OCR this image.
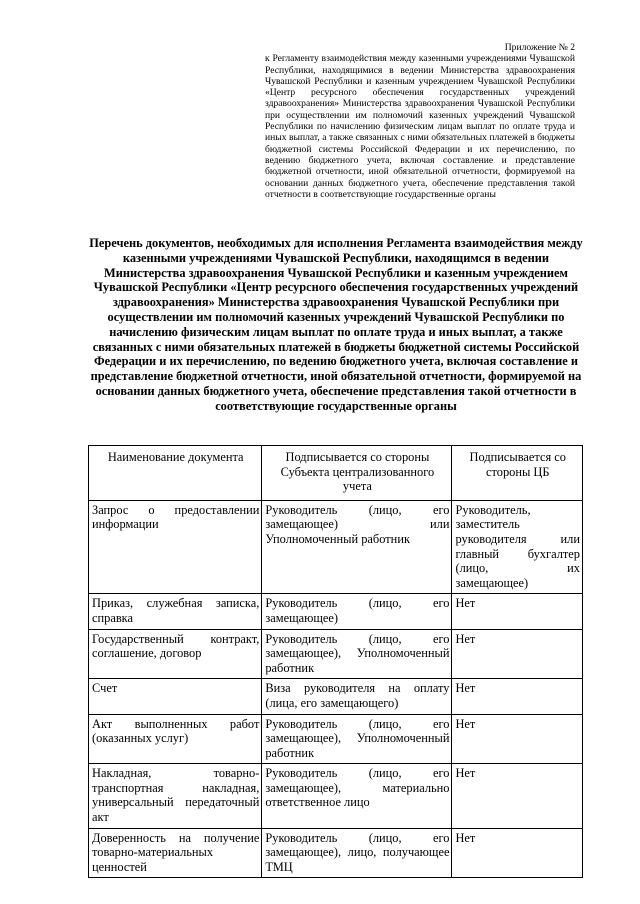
Приложение № 2
к Регламенту взаимодействия между казенными учреждениями Чувашской Республики, находящимися в ведении Министерства здравоохранения Чувашской Республики и казенным учреждением Чувашской Республики «Центр ресурсного обеспечения государственных учреждений здравоохранения» Министерства здравоохранения Чувашской Республики при осуществлении им полномочий казенных учреждений Чувашской Республики по начислению физическим лицам выплат по оплате труда и иных выплат, а также связанных с ними обязательных платежей в бюджеты бюджетной системы Российской Федерации и их перечислению, по ведению бюджетного учета, включая составление и представление бюджетной отчетности, иной обязательной отчетности, формируемой на основании данных бюджетного учета, обеспечение представления такой отчетности в соответствующие государственные органы
Перечень документов, необходимых для исполнения Регламента взаимодействия между казенными учреждениями Чувашской Республики, находящимся в ведении Министерства здравоохранения Чувашской Республики и казенным учреждением Чувашской Республики «Центр ресурсного обеспечения государственных учреждений здравоохранения» Министерства здравоохранения Чувашской Республики при осуществлении им полномочий казенных учреждений Чувашской Республики по начислению физическим лицам выплат по оплате труда и иных выплат, а также связанных с ними обязательных платежей в бюджеты бюджетной системы Российской Федерации и их перечислению, по ведению бюджетного учета, включая составление и представление бюджетной отчетности, иной обязательной отчетности, формируемой на основании данных бюджетного учета, обеспечение представления такой отчетности в соответствующие государственные органы
Наименование документа	Подписывается со стороны Субъекта централизованного учета	Подписывается со стороны ЦБ
Запрос о предоставлении информации	Руководитель (лицо, его замещающее) или Уполномоченный работник	Руководитель, заместитель руководителя или главный бухгалтер (лицо, их замещающее)
Приказ, служебная записка, справка	Руководитель (лицо, его замещающее)	Нет
Государственный контракт, соглашение, договор	Руководитель (лицо, его замещающее), Уполномоченный работник	Нет
Счет	Виза руководителя на оплату (лица, его замещающего)	Нет
Акт выполненных работ (оказанных услуг)	Руководитель (лицо, его замещающее), Уполномоченный работник	Нет
Накладная, товарно-транспортная накладная, универсальный передаточный акт	Руководитель (лицо, его замещающее), материально ответственное лицо	Нет
Доверенность на получение товарно-материальных ценностей	Руководитель (лицо, его замещающее), лицо, получающее ТМЦ	Нет
